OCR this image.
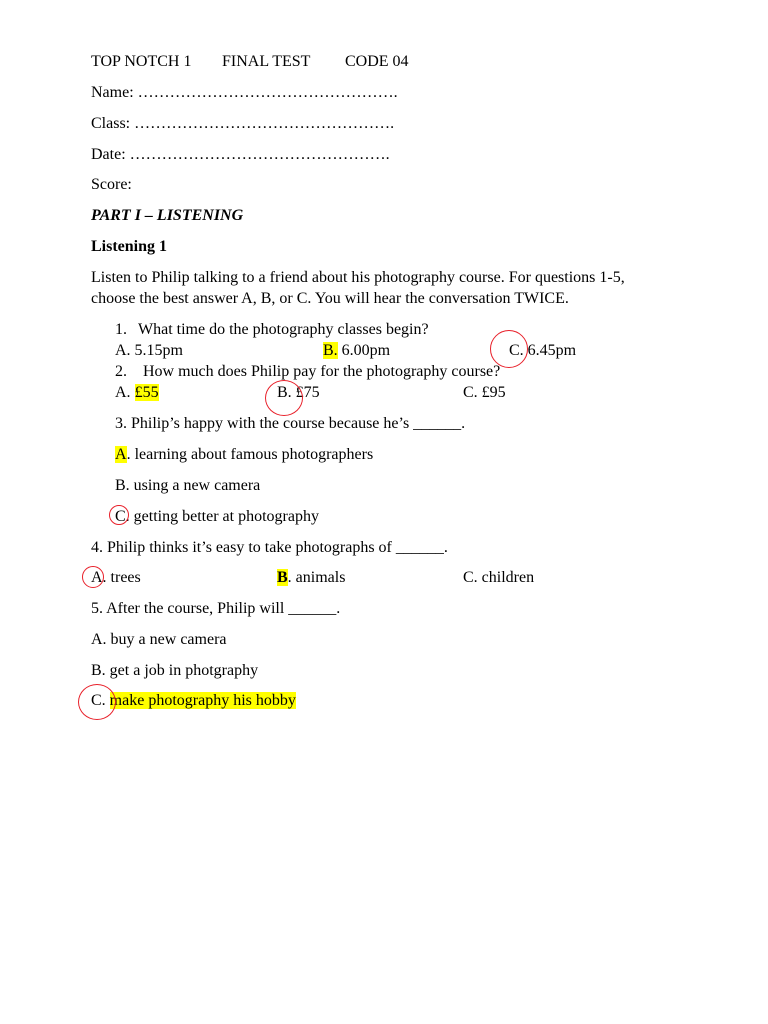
TOP NOTCH 1 FINAL TEST CODE 04
Name: ………………………………………….
Class: ………………………………………….
Date: ………………………………………….
Score:
PART I – LISTENING
Listening 1
Listen to Philip talking to a friend about his photography course. For questions 1-5,
choose the best answer A, B, or C. You will hear the conversation TWICE.
1. What time do the photography classes begin?
A. 5.15pm	B. 6.00pm	C. 6.45pm
2. How much does Philip pay for the photography course?
A. £55	B. £75	C. £95
3. Philip’s happy with the course because he’s ______.
A. learning about famous photographers
B. using a new camera
C. getting better at photography
4. Philip thinks it’s easy to take photographs of ______.
A. trees	B. animals	C. children
5. After the course, Philip will ______.
A. buy a new camera
B. get a job in photgraphy
C. make photography his hobby
